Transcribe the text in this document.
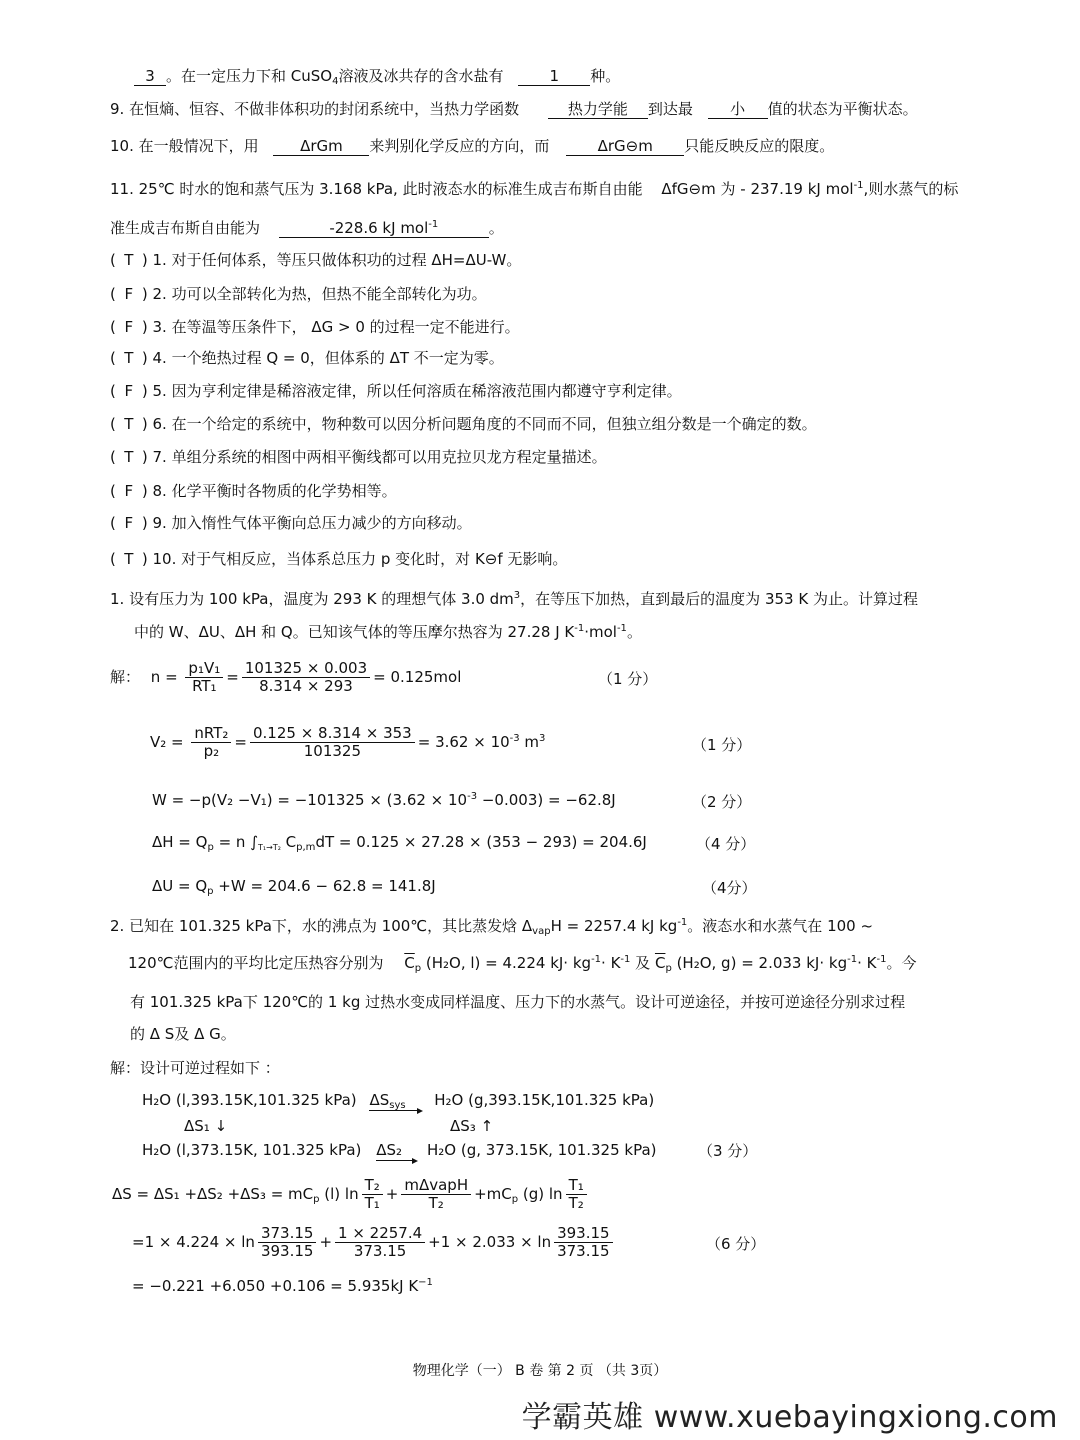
3 。在一定压力下和 CuSO$_4$溶液及冰共存的含水盐有	1 种。
9. 在恒熵、恒容、不做非体积功的封闭系统中，当热力学函数	热力学能 到达最 小 值的状态为平衡状态。
10. 在一般情况下，用	ΔrGm 来判别化学反应的方向，而	ΔrG⊖m 只能反映反应的限度。
11. 25℃ 时水的饱和蒸气压为 3.168 kPa, 此时液态水的标准生成吉布斯自由能 ΔfG⊖m 为 - 237.19 kJ mol$^{-1}$,则水蒸气的标
准生成吉布斯自由能为	-228.6 kJ mol$^{-1}$	。
( T ) 1. 对于任何体系，等压只做体积功的过程 ΔH=ΔU-W。
( F ) 2. 功可以全部转化为热，但热不能全部转化为功。
( F ) 3. 在等温等压条件下， ΔG > 0 的过程一定不能进行。
( T ) 4. 一个绝热过程 Q = 0，但体系的 ΔT 不一定为零。
( F ) 5. 因为亨利定律是稀溶液定律，所以任何溶质在稀溶液范围内都遵守亨利定律。
( T ) 6. 在一个给定的系统中，物种数可以因分析问题角度的不同而不同，但独立组分数是一个确定的数。
( T ) 7. 单组分系统的相图中两相平衡线都可以用克拉贝龙方程定量描述。
( F ) 8. 化学平衡时各物质的化学势相等。
( F ) 9. 加入惰性气体平衡向总压力减少的方向移动。
( T ) 10. 对于气相反应，当体系总压力 p 变化时，对 K⊖f 无影响。
1. 设有压力为 100 kPa，温度为 293 K 的理想气体 3.0 $dm^3$，在等压下加热，直到最后的温度为 353 K 为止。计算过程
中的 W、ΔU、ΔH 和 Q。已知该气体的等压摩尔热容为 27.28 J $K^{-1}\cdot mol^{-1}$。
解： $n = \frac{\text{p₁V₁}}{\text{RT₁}} = \frac{101325 \times 0.003}{8.314 \times 293} = 0.125mol$	（1 分）
$V_2 = \frac{\text{nRT₂}}{\text{p₂}} = \frac{0.125 \times 8.314 \times 353}{101325} = 3.62 \times 10^{-3}$ $m^3$	（1 分）
$W = -p(V_2 -V_1) = -101325 \times (3.62 \times 10^{-3} -0.003) = -62.8J$	（2 分）
$\Delta H = Q_p = n$ $\int_{T_1\to T_2}$ $C_{p,m}dT = 0.125 \times 27.28 \times (353 - 293) = 204.6J$	（4 分）
$\Delta U = Q_p +W = 204.6 - 62.8 = 141.8J$	（4分）
2. 已知在 101.325 kPa下，水的沸点为 100℃，其比蒸发焓 $\Delta_{vap}H = 2257.4$ kJ $kg^{-1}$。液态水和水蒸气在 100 ~
120℃范围内的平均比定压热容分别为 $\overline{C}_p$ (H₂O, l) = 4.224 $kJ\cdot kg^{-1}\cdot K^{-1}$ 及 $\overline{C}_p$ (H₂O, g) = 2.033 $kJ\cdot kg^{-1}\cdot K^{-1}$。今
有 101.325 kPa下 120℃的 1 kg 过热水变成同样温度、压力下的水蒸气。设计可逆途径，并按可逆途径分别求过程
的 Δ S及 Δ G。
解：设计可逆过程如下 ：
H₂O (l,393.15K,101.325 kPa) $\Delta S_{sys}$ H₂O (g,393.15K,101.325 kPa)
ΔS₁ ↓	ΔS₃ ↑
H₂O (l,373.15K, 101.325 kPa) ΔS₂ H₂O (g, 373.15K, 101.325 kPa)	（3 分）
$\Delta S = \Delta S_1 +\Delta S_2 +\Delta S_3 = mC_p$ (l) $\ln \frac{\text{T₂}}{\text{T₁}} + \frac{\text{mΔvapH}}{\text{T₂}} +mC_p$ (g) $\ln \frac{\text{T₁}}{\text{T₂}}$
$=1 \times 4.224 \times \ln \frac{373.15}{393.15} + \frac{1 \times 2257.4}{373.15} +1 \times 2.033 \times \ln \frac{393.15}{373.15}$	（6 分）
= −0.221 +6.050 +0.106 = 5.935kJ $K^{-1}$
物理化学（一） B 卷 第 2 页 （共 3页）
学霸英雄 www.xuebayingxiong.com
